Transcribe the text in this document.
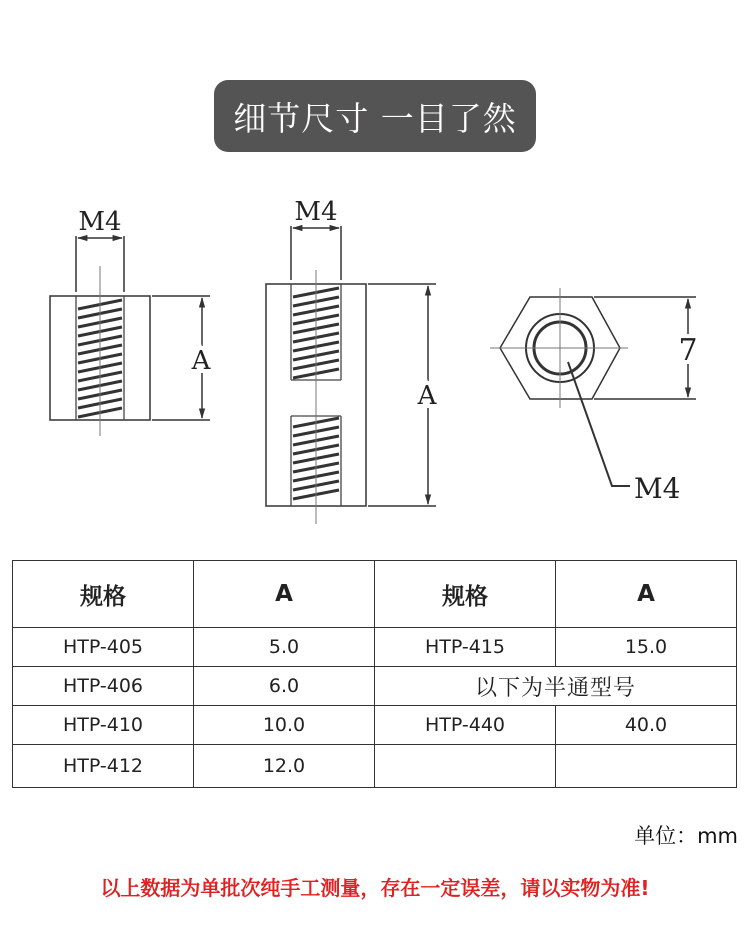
细节尺寸 一目了然
M4
A
M4
A
7
M4
规格	A	规格	A
HTP-405	5.0	HTP-415	15.0
HTP-406	6.0	以下为半通型号	
HTP-410	10.0	HTP-440	40.0
HTP-412	12.0		
单位：mm
以上数据为单批次纯手工测量，存在一定误差，请以实物为准!
